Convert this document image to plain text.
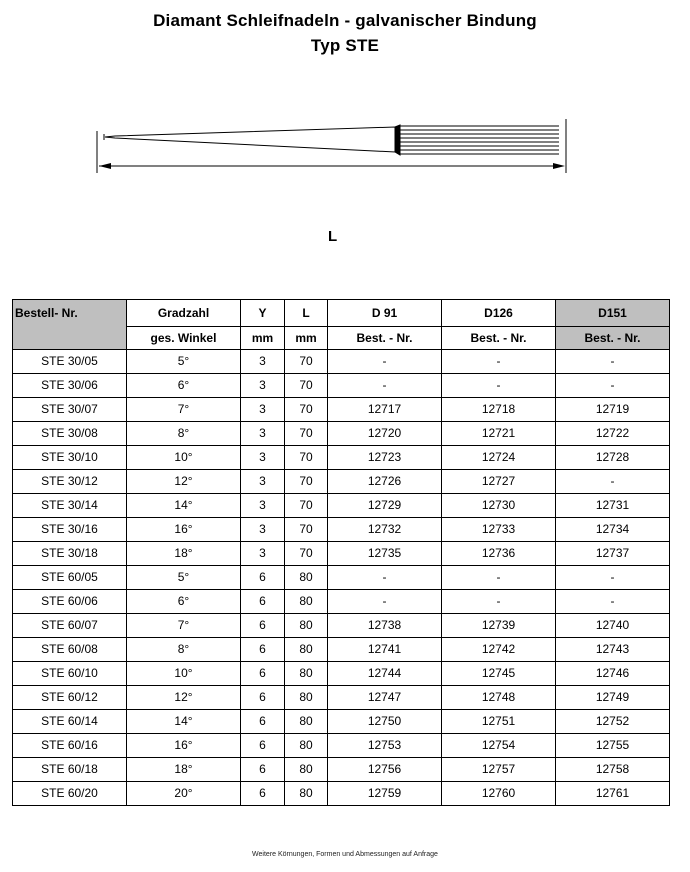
Diamant Schleifnadeln - galvanischer Bindung
Typ STE
L
Bestell- Nr.	Gradzahl	Y	L	D 91	D126	D151
	ges. Winkel	mm	mm	Best. - Nr.	Best. - Nr.	Best. - Nr.
STE 30/05	5°	3	70	-	-	-
STE 30/06	6°	3	70	-	-	-
STE 30/07	7°	3	70	12717	12718	12719
STE 30/08	8°	3	70	12720	12721	12722
STE 30/10	10°	3	70	12723	12724	12728
STE 30/12	12°	3	70	12726	12727	-
STE 30/14	14°	3	70	12729	12730	12731
STE 30/16	16°	3	70	12732	12733	12734
STE 30/18	18°	3	70	12735	12736	12737
STE 60/05	5°	6	80	-	-	-
STE 60/06	6°	6	80	-	-	-
STE 60/07	7°	6	80	12738	12739	12740
STE 60/08	8°	6	80	12741	12742	12743
STE 60/10	10°	6	80	12744	12745	12746
STE 60/12	12°	6	80	12747	12748	12749
STE 60/14	14°	6	80	12750	12751	12752
STE 60/16	16°	6	80	12753	12754	12755
STE 60/18	18°	6	80	12756	12757	12758
STE 60/20	20°	6	80	12759	12760	12761
Weitere Körnungen, Formen und Abmessungen auf Anfrage
